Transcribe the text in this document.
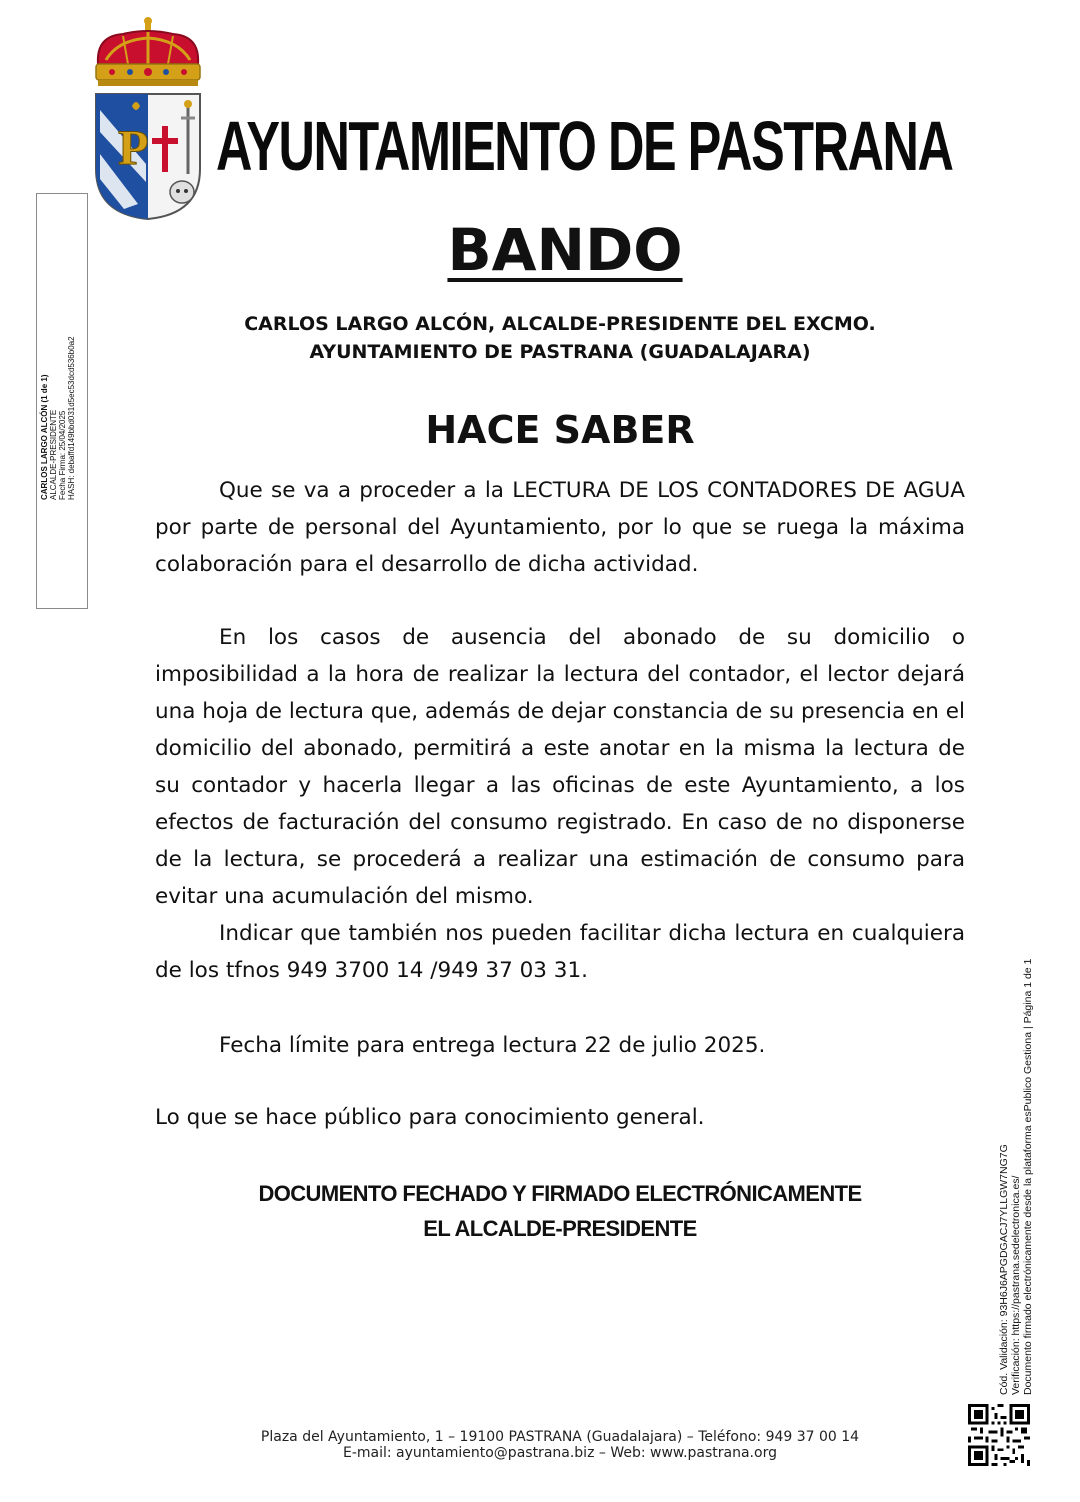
P AYUNTAMIENTO DE PASTRANA
BANDO
CARLOS LARGO ALCÓN, ALCALDE-PRESIDENTE DEL EXCMO.
AYUNTAMIENTO DE PASTRANA (GUADALAJARA)
HACE SABER

Que se va a proceder a la LECTURA DE LOS CONTADORES DE AGUA por parte de personal del Ayuntamiento, por lo que se ruega la máxima colaboración para el desarrollo de dicha actividad.

En los casos de ausencia del abonado de su domicilio o imposibilidad a la hora de realizar la lectura del contador, el lector dejará una hoja de lectura que, además de dejar constancia de su presencia en el domicilio del abonado, permitirá a este anotar en la misma la lectura de su contador y hacerla llegar a las oficinas de este Ayuntamiento, a los efectos de facturación del consumo registrado. En caso de no disponerse de la lectura, se procederá a realizar una estimación de consumo para evitar una acumulación del mismo.

Indicar que también nos pueden facilitar dicha lectura en cualquiera de los tfnos 949 3700 14 /949 37 03 31.

Fecha límite para entrega lectura 22 de julio 2025.

Lo que se hace público para conocimiento general.

DOCUMENTO FECHADO Y FIRMADO ELECTRÓNICAMENTE
EL ALCALDE-PRESIDENTE
Plaza del Ayuntamiento, 1 – 19100 PASTRANA (Guadalajara) – Teléfono: 949 37 00 14
E-mail: ayuntamiento@pastrana.biz – Web: www.pastrana.org
CARLOS LARGO ALCÓN (1 de 1) ALCALDE-PRESIDENTE Fecha Firma: 25/04/2025 HASH: debaffd149bbd031d5ec53dcd536b0a2
Cód. Validación: 93H6J6APGDGACJ7YLLGW7NG7G Verificación: https://pastrana.sedelectronica.es/ Documento firmado electrónicamente desde la plataforma esPublico Gestiona | Página 1 de 1
